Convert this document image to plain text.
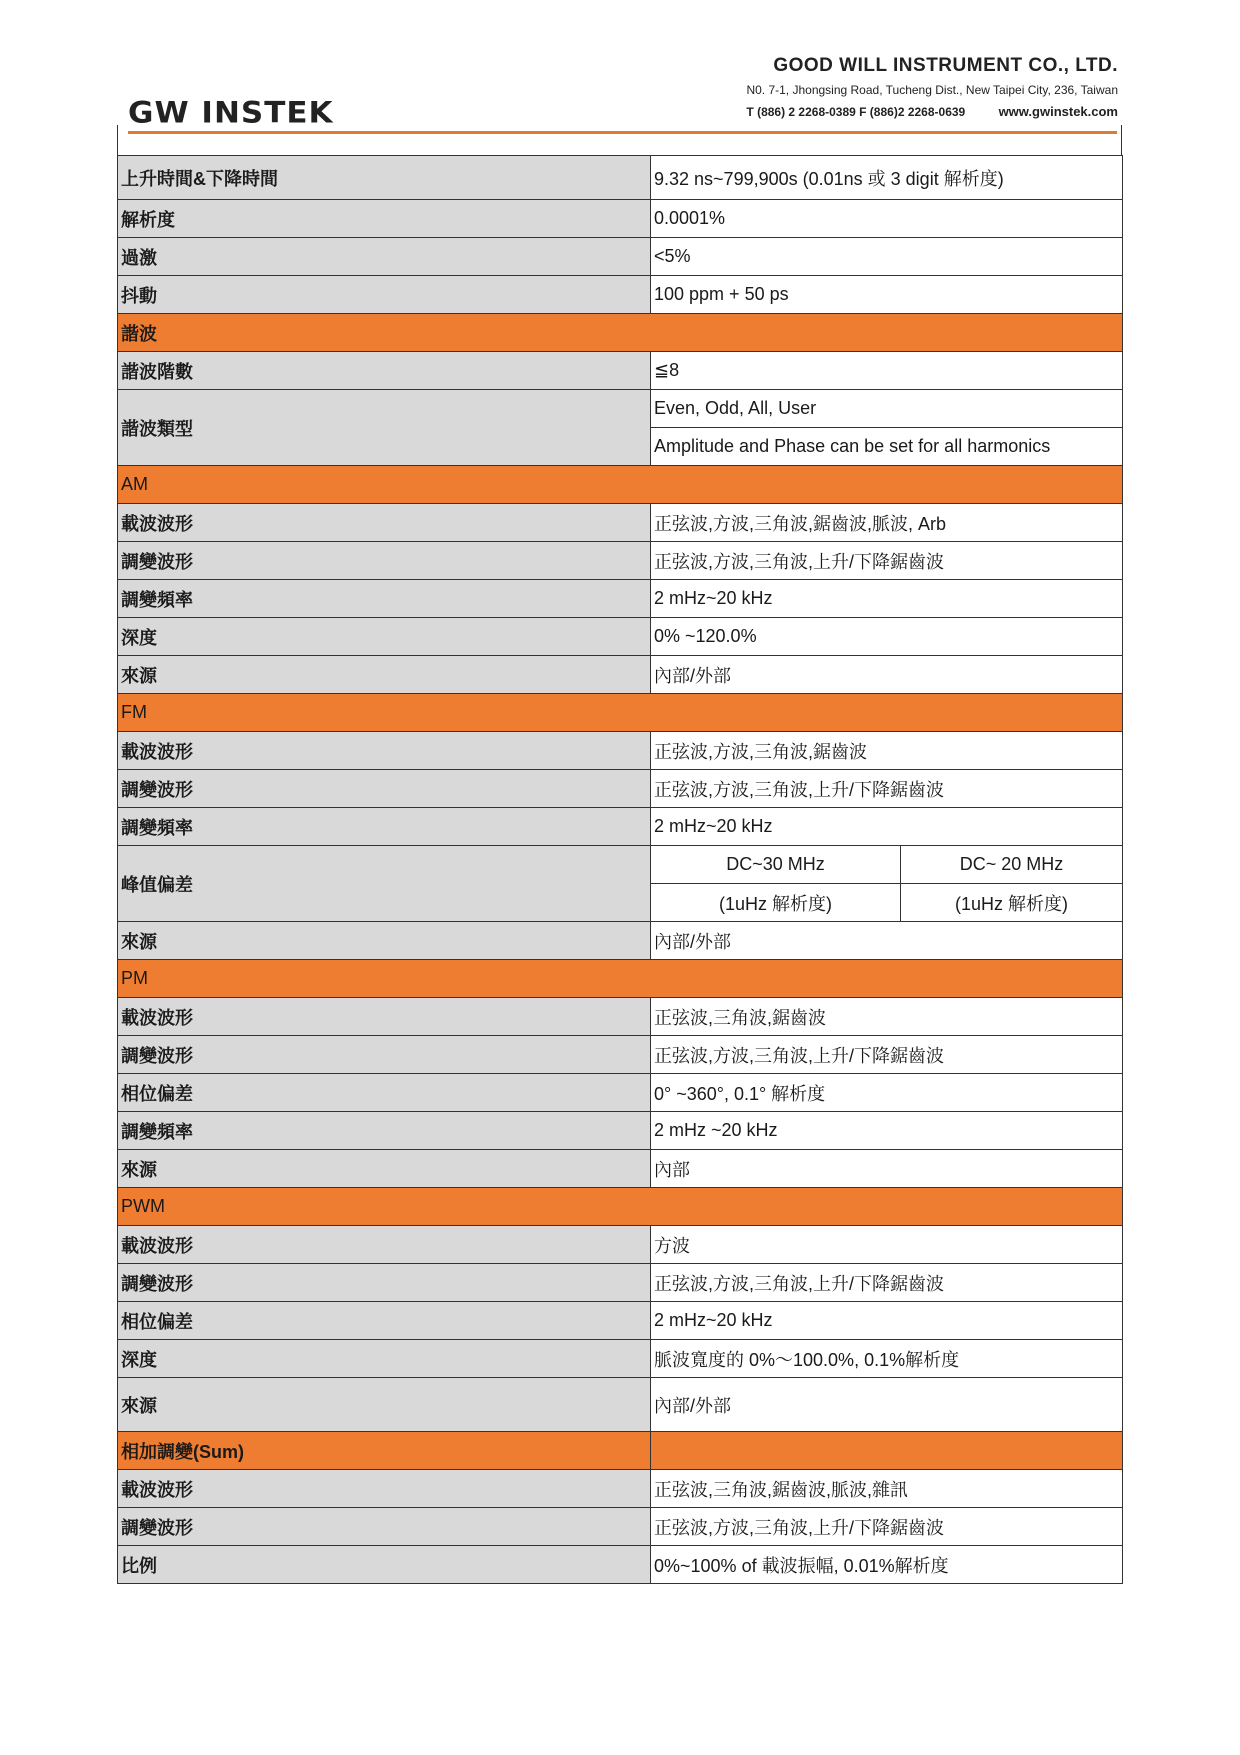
GW INSTEK
GOOD WILL INSTRUMENT CO., LTD.
N0. 7-1, Jhongsing Road, Tucheng Dist., New Taipei City, 236, Taiwan
T (886) 2 2268-0389 F (886)2 2268-0639	www.gwinstek.com
上升時間&下降時間	9.32 ns~799,900s (0.01ns 或 3 digit 解析度)	
解析度	0.0001%	
過激	<5%	
抖動	100 ppm + 50 ps	
諧波		
諧波階數	≦8	
諧波類型	Even, Odd, All, User	
	Amplitude and Phase can be set for all harmonics	
AM		
載波波形	正弦波,方波,三角波,鋸齒波,脈波, Arb	
調變波形	正弦波,方波,三角波,上升/下降鋸齒波	
調變頻率	2 mHz~20 kHz	
深度	0% ~120.0%	
來源	內部/外部	
FM		
載波波形	正弦波,方波,三角波,鋸齒波	
調變波形	正弦波,方波,三角波,上升/下降鋸齒波	
調變頻率	2 mHz~20 kHz	
峰值偏差	DC~30 MHz	DC~ 20 MHz
	(1uHz 解析度)	(1uHz 解析度)
來源	內部/外部	
PM		
載波波形	正弦波,三角波,鋸齒波	
調變波形	正弦波,方波,三角波,上升/下降鋸齒波	
相位偏差	0° ~360°, 0.1° 解析度	
調變頻率	2 mHz ~20 kHz	
來源	內部	
PWM		
載波波形	方波	
調變波形	正弦波,方波,三角波,上升/下降鋸齒波	
相位偏差	2 mHz~20 kHz	
深度	脈波寬度的 0%～100.0%, 0.1%解析度	
來源	內部/外部	
相加調變(Sum)		
載波波形	正弦波,三角波,鋸齒波,脈波,雜訊	
調變波形	正弦波,方波,三角波,上升/下降鋸齒波	
比例	0%~100% of 載波振幅, 0.01%解析度	
